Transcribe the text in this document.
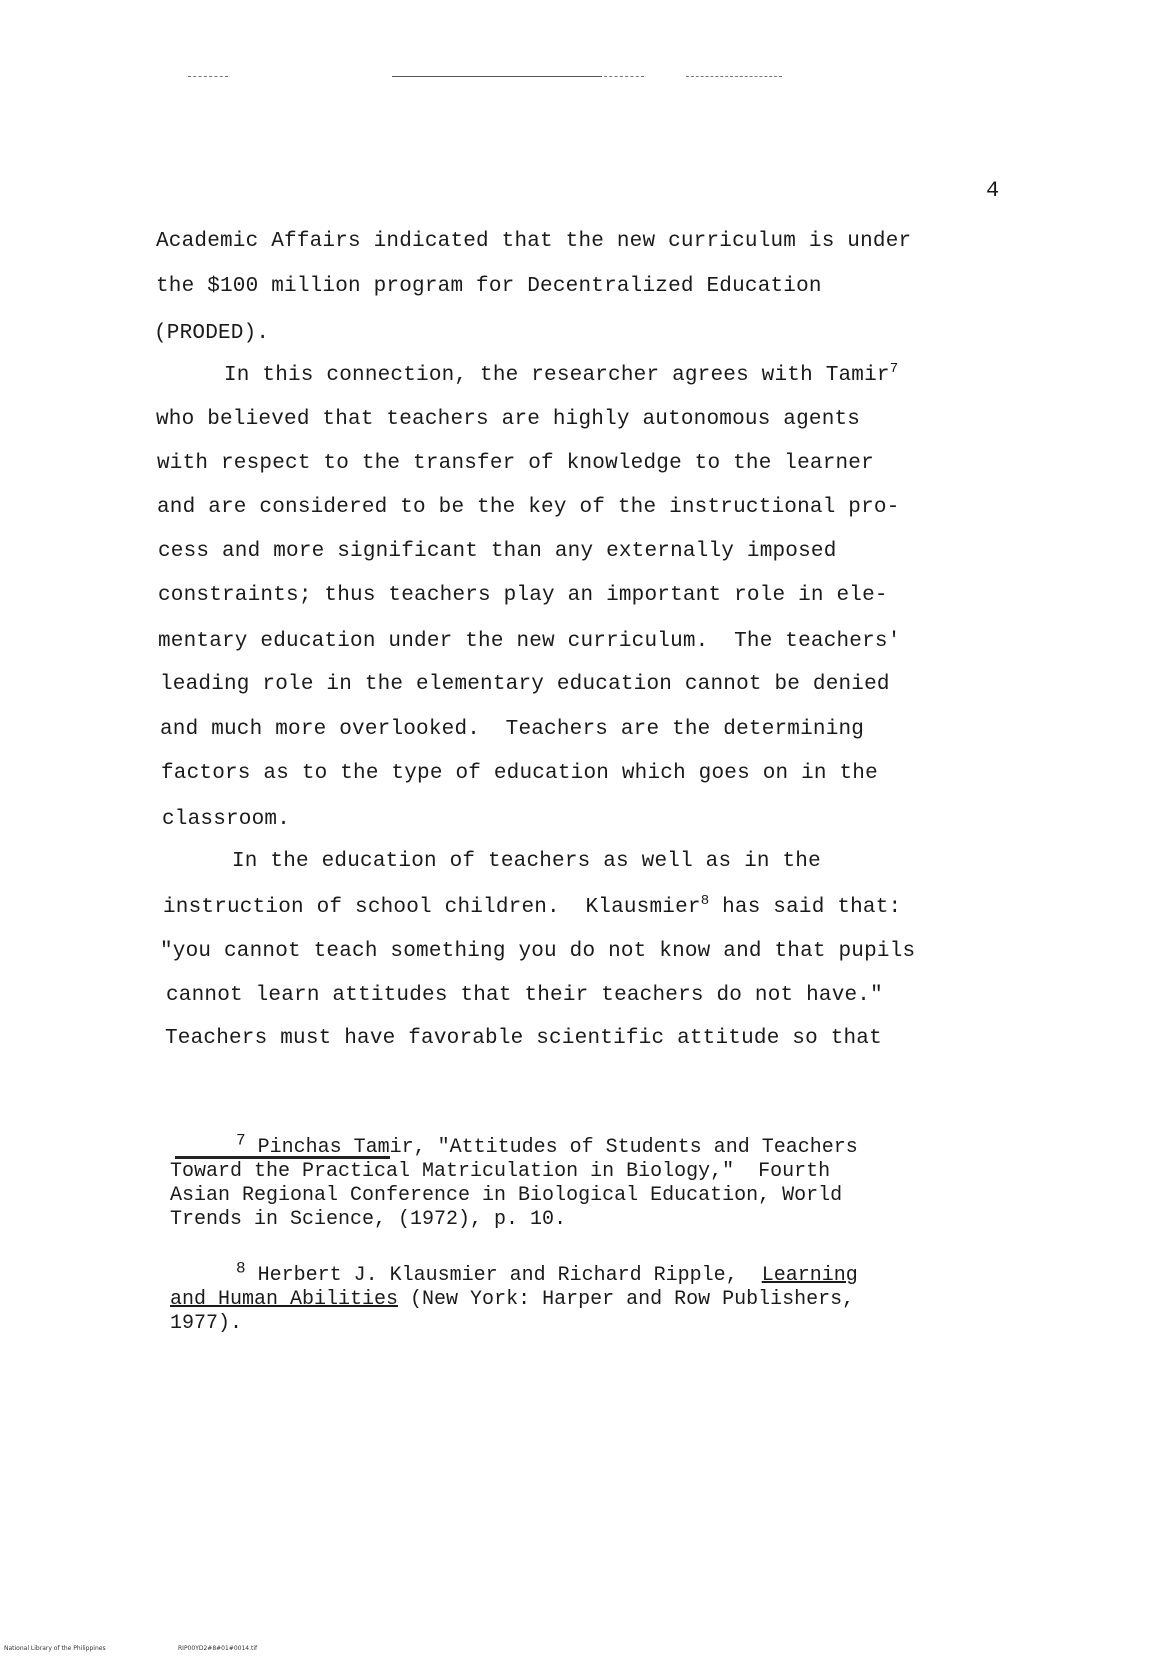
4
Academic Affairs indicated that the new curriculum is under
the $100 million program for Decentralized Education
(PRODED).
In this connection, the researcher agrees with Tamir$^7$
who believed that teachers are highly autonomous agents
with respect to the transfer of knowledge to the learner
and are considered to be the key of the instructional pro-
cess and more significant than any externally imposed
constraints; thus teachers play an important role in ele-
mentary education under the new curriculum.  The teachers'
leading role in the elementary education cannot be denied
and much more overlooked.  Teachers are the determining
factors as to the type of education which goes on in the
classroom.
In the education of teachers as well as in the
instruction of school children.  Klausmier$^8$ has said that:
"you cannot teach something you do not know and that pupils
cannot learn attitudes that their teachers do not have."
Teachers must have favorable scientific attitude so that
$^7$ Pinchas Tamir, "Attitudes of Students and Teachers
Toward the Practical Matriculation in Biology,"  Fourth
Asian Regional Conference in Biological Education, World
Trends in Science, (1972), p. 10.
$^8$ Herbert J. Klausmier and Richard Ripple,  Learning
and Human Abilities (New York: Harper and Row Publishers,
1977).
National Library of the Philippines	RIP00YD2#8#01#0014.tif
